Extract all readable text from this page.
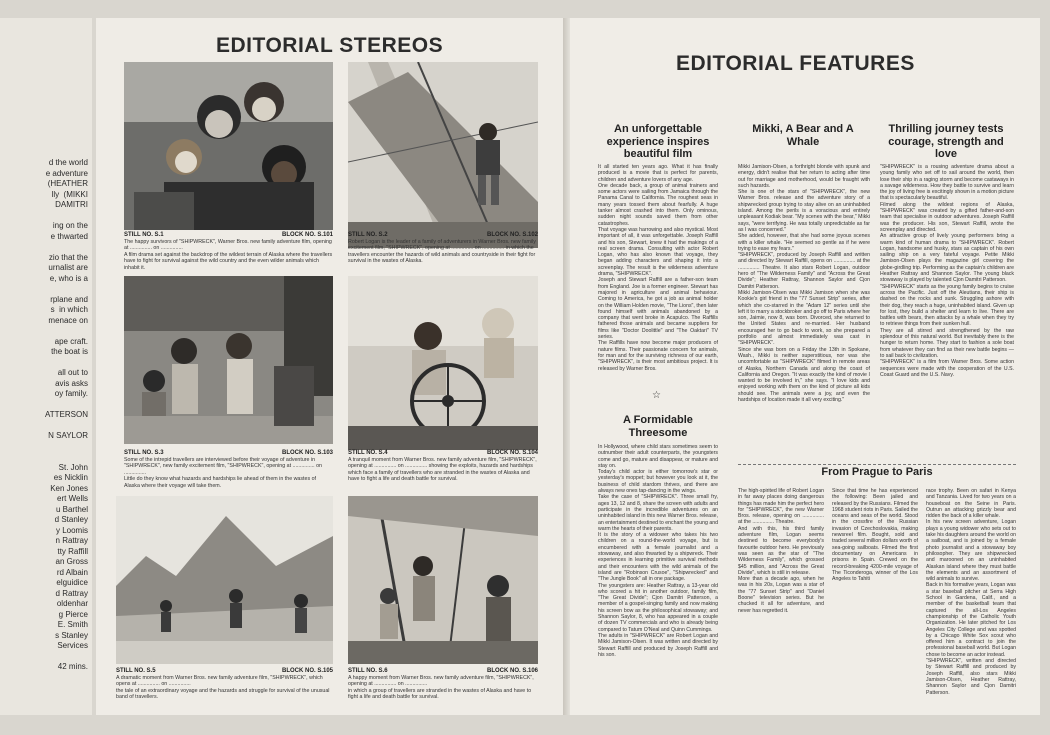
d the world
e adventure
(HEATHER
lly  (MIKKI
DAMITRI

ing on the
e thwarted

zio that the
urnalist are
e, who is a

rplane and
s  in which
menace on

ape craft.
the boat is

all out to
avis asks
oy family.

ATTERSON

N SAYLOR

St. John
es Nicklin
Ken Jones
ert Wells
u Barthel
d Stanley
y Loomis
n Rattray
tty Raffill
an Gross
rd Albain
elguidice
d Rattray
oldenhar
g Pierce
E. Smith
s Stanley
Services

42 mins.
EDITORIAL STEREOS
STILL NO. S.1	BLOCK NO. S.101
The happy survivors of "SHIPWRECK", Warner Bros. new family adventure film, opening at ............... on ...............
A film drama set against the backdrop of the wildest terrain of Alaska where the travellers have to fight for survival against the wild country and the even wilder animals which inhabit it.
STILL NO. S.2	BLOCK NO. S.102
Robert Logan is the leader of a family of adventurers in Warner Bros. new family excitement film, "SHIPWRECK", opening at ............... on ............... in which the travellers encounter the hazards of wild animals and countryside in their fight for survival in the wastes of Alaska.
STILL NO. S.3	BLOCK NO. S.103
Some of the intrepid travellers are interviewed before their voyage of adventure in "SHIPWRECK", new family excitement film, "SHIPWRECK", opening at ............... on ...............
Little do they know what hazards and hardships lie ahead of them in the wastes of Alaska where their voyage will take them.
STILL NO. S.4	BLOCK NO. S.104
A tranquil moment from Warner Bros. new family adventure film, "SHIPWRECK", opening at ............... on ............... showing the exploits, hazards and hardships which face a family of travellers who are stranded in the wastes of Alaska and have to fight a life and death battle for survival.
STILL NO. S.5	BLOCK NO. S.105
A dramatic moment from Warner Bros. new family adventure film, "SHIPWRECK", which opens at ............... on ...............
the tale of an extraordinary voyage and the hazards and struggle for survival of the unusual band of travellers.
STILL NO. S.6	BLOCK NO. S.106
A happy moment from Warner Bros. new family adventure film, "SHIPWRECK", opening at ............... on ...............
in which a group of travellers are stranded in the wastes of Alaska and have to fight a life and death battle for survival.
EDITORIAL FEATURES
An unforgettable experience inspires beautiful film
It all started ten years ago. What it has finally produced is a movie that is perfect for parents, children and adventure lovers of any age.
One decade back, a group of animal trainers and some actors were sailing from Jamaica through the Panama Canal to California. The roughest seas in many years tossed them about fearfully. A huge tanker almost crashed into them. Only ominous, sudden night sounds saved them from other catastrophes.
That voyage was harrowing and also mystical. Most important of all, it was unforgettable. Joseph Raffill and his son, Stewart, knew it had the makings of a real screen drama. Consulting with actor Robert Logan, who has also known that voyage, they began adding characters and shaping it into a screenplay. The result is the wilderness adventure drama, "SHIPWRECK".
Joseph and Stewart Raffill are a father-son team from England. Joe is a former engineer. Stewart has majored in agriculture and animal behaviour. Coming to America, he got a job as animal holder on the William Holden movie, "The Lions", then later found himself with animals abandoned by a company that went broke in Acapulco. The Raffills fathered those animals and became suppliers for films like "Doctor Doolittle" and "The Oaktari" TV series.
The Raffills have now become major producers of nature films. Their passionate concern for animals, for man and for the surviving richness of our earth, "SHIPWRECK", is their most ambitious project. It is released by Warner Bros.
☆
A Formidable Threesome
In Hollywood, where child stars sometimes seem to outnumber their adult counterparts, the youngsters come and go, mature and disappear, or mature and stay on.
Today's child actor is either tomorrow's star or yesterday's moppet; but however you look at it, the business of child stardom thrives, and there are always new ones tap-dancing in the wings.
Take the case of "SHIPWRECK". Three small fry, ages 13, 12 and 8, share the screen with adults and participate in the incredible adventures on an uninhabited island in this new Warner Bros. release, an entertainment destined to enchant the young and warm the hearts of their parents.
It is the story of a widower who takes his two children on a round-the-world voyage, but is encumbered with a female journalist and a stowaway, and also thwarted by a shipwreck. Their experiences in learning primitive survival methods and their encounters with the wild animals of the island are "Robinson Crusoe", "Shipwrecked" and "The Jungle Book" all in one package.
The youngsters are: Heather Rattray, a 13-year old who scored a hit in another outdoor, family film, "The Great Divide"; Cjon Damitri Patterson, a member of a gospel-singing family and now making his screen bow as the philosophical stowaway; and Shannon Saylor, 8, who has appeared in a couple of dozen TV commercials and who is already being compared to Tatum O'Neal and Quinn Cummings.
The adults in "SHIPWRECK" are Robert Logan and Mikki Jamison-Olsen. It was written and directed by Stewart Raffill and produced by Joseph Raffill and his son.
Mikki, A Bear and A Whale
Mikki Jamison-Olsen, a forthright blonde with spunk and energy, didn't realise that her return to acting after time out for marriage and motherhood, would be fraught with such hazards.
She is one of the stars of "SHIPWRECK", the new Warner Bros. release and the adventure story of a shipwrecked group trying to stay alive on an uninhabited island. Among the perils is a voracious and entirely unpleasant Kodiak bear. "My scenes with the bear," Mikki says, "were terrifying. He was totally unpredictable as far as I was concerned."
She added, however, that she had some joyous scenes with a killer whale. "He seemed so gentle as if he were trying to ease my fears."
"SHIPWRECK", produced by Joseph Raffill and written and directed by Stewart Raffill, opens on ............... at the ............... Theatre. It also stars Robert Logan, outdoor hero of "The Wilderness Family" and "Across the Great Divide"; Heather Rattray, Shannon Saylor and Cjon Damitri Patterson.
Mikki Jamison-Olsen was Mikki Jamison when she was Kookie's girl friend in the "77 Sunset Strip" series, after which she co-starred in the "Adam 12" series until she left it to marry a stockbroker and go off to Paris where her son, Jaimie, now 8, was born. Divorced, she returned to the United States and re-married. Her husband encouraged her to go back to work, so she prepared a portfolio and almost immediately was cast in "SHIPWRECK".
Since she was born on a Friday the 13th in Spokane, Wash., Mikki is neither superstitious, nor was she uncomfortable as "SHIPWRECK" filmed in remote areas of Alaska, Northern Canada and along the coast of California and Oregon. "It was exactly the kind of movie I wanted to be involved in," she says. "I love kids and enjoyed working with them on the kind of picture all kids should see. The animals were a joy, and even the hardships of location made it all very exciting."
Thrilling journey tests courage, strength and love
"SHIPWRECK" is a rousing adventure drama about a young family who set off to sail around the world, then lose their ship in a raging storm and become castaways in a savage wilderness. How they battle to survive and learn the joy of living free is excitingly shown in a motion picture that is spectacularly beautiful.
Filmed along the wildest regions of Alaska, "SHIPWRECK" was created by a gifted father-and-son team that specialise in outdoor adventures. Joseph Raffill was the producer. His son, Stewart Raffill, wrote the screenplay and directed.
An attractive group of lively young performers bring a warm kind of human drama to "SHIPWRECK". Robert Logan, handsome and husky, stars as captain of his own sailing ship on a very fateful voyage. Petite Mikki Jamison-Olsen plays the magazine girl covering the globe-girdling trip. Performing as the captain's children are Heather Rattray and Shannon Saylor. The young black stowaway is played by talented Cjon Damitri Patterson.
"SHIPWRECK" starts as the young family begins to cruise across the Pacific. Just off the Aleutians, their ship is dashed on the rocks and sunk. Struggling ashore with their dog, they reach a huge, uninhabited island. Given up for lost, they build a shelter and learn to live. There are battles with bears, then attacks by a whale when they try to retrieve things from their sunken hull.
They are all stirred and strengthened by the raw splendour of this natural world. But inevitably there is the hunger to return home. They start to fashion a sole boat from whatever they can find as their new battle begins — to sail back to civilization.
"SHIPWRECK" is a film from Warner Bros. Some action sequences were made with the cooperation of the U.S. Coast Guard and the U.S. Navy.
From Prague to Paris
The high-spirited life of Robert Logan in far away places doing dangerous things has made him the perfect hero for "SHIPWRECK", the new Warner Bros. release, opening on ............... at the ............... Theatre.
And with this, his third family adventure film, Logan seems destined to become everybody's favourite outdoor hero. He previously was seen as the star of "The Wilderness Family", which grossed $45 million, and "Across the Great Divide", which is still in release.
More than a decade ago, when he was in his 20s, Logan was a star of the "77 Sunset Strip" and "Daniel Boone" television series. But he chucked it all for adventure, and never has regretted it.
Since that time he has experienced the following: Been jailed and released by the Russians. Filmed the 1968 student riots in Paris. Sailed the oceans and seas of the world. Stood in the crossfire of the Russian invasion of Czechoslovakia, making newsreel film. Bought, sold and traded several million dollars worth of sea-going sailboats. Filmed the first documentary on Americans in prisons in Spain. Crewed on the record-breaking 4200-mile voyage of The Ticonderoga, winner of the Los Angeles to Tahiti
race trophy. Been on safari in Kenya and Tanzania. Lived for two years on a houseboat on the Seine in Paris. Outrun an attacking grizzly bear and ridden the back of a killer whale.
In his new screen adventure, Logan plays a young widower who sets out to take his daughters around the world on a sailboat, and is joined by a female photo journalist and a stowaway boy philosopher. They are shipwrecked and marooned on an uninhabited Alaskan island where they must battle the elements and an assortment of wild animals to survive.
Back in his formative years, Logan was a star baseball pitcher at Serra High School in Gardena, Calif., and a member of the basketball team that captured the all-Los Angeles championship of the Catholic Youth Organization. He later pitched for Los Angeles City College and was spotted by a Chicago White Sox scout who offered him a contract to join the professional baseball world. But Logan chose to become an actor instead.
"SHIPWRECK", written and directed by Stewart Raffill and produced by Joseph Raffill, also stars Mikki Jamison-Olsen, Heather Rattray, Shannon Saylor and Cjon Damitri Patterson.
